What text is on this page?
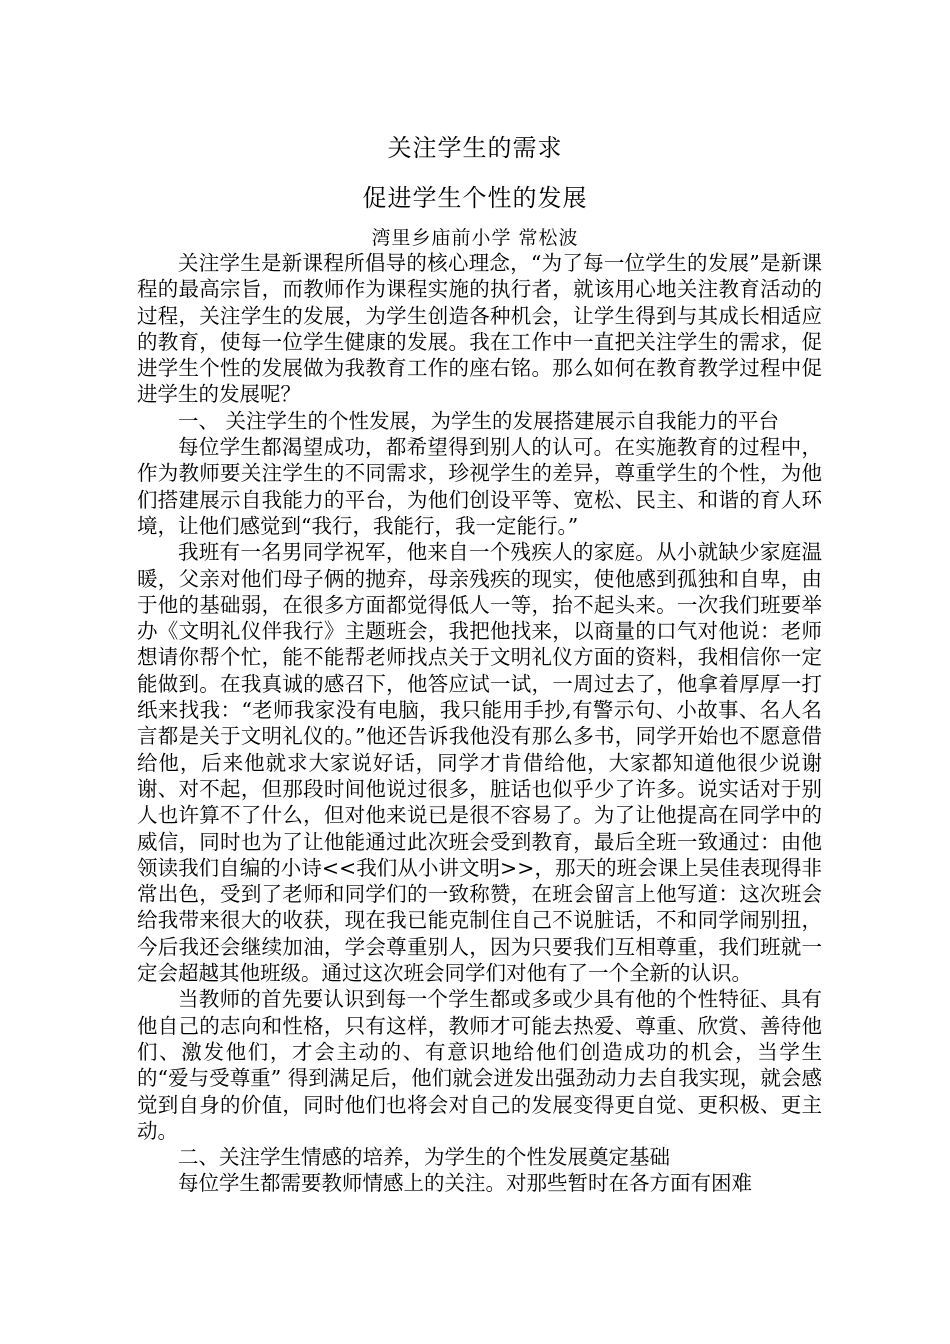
关注学生的需求
促进学生个性的发展
湾里乡庙前小学 常松波

关注学生是新课程所倡导的核心理念，“为了每一位学生的发展”是新课程的最高宗旨，而教师作为课程实施的执行者，就该用心地关注教育活动的过程，关注学生的发展，为学生创造各种机会，让学生得到与其成长相适应的教育，使每一位学生健康的发展。我在工作中一直把关注学生的需求，促进学生个性的发展做为我教育工作的座右铭。那么如何在教育教学过程中促进学生的发展呢？

一、 关注学生的个性发展，为学生的发展搭建展示自我能力的平台

每位学生都渴望成功，都希望得到别人的认可。在实施教育的过程中，作为教师要关注学生的不同需求，珍视学生的差异，尊重学生的个性，为他们搭建展示自我能力的平台，为他们创设平等、宽松、民主、和谐的育人环境，让他们感觉到“我行，我能行，我一定能行。”

我班有一名男同学祝军，他来自一个残疾人的家庭。从小就缺少家庭温暖，父亲对他们母子俩的抛弃，母亲残疾的现实，使他感到孤独和自卑，由于他的基础弱，在很多方面都觉得低人一等，抬不起头来。一次我们班要举办《文明礼仪伴我行》主题班会，我把他找来，以商量的口气对他说：老师想请你帮个忙，能不能帮老师找点关于文明礼仪方面的资料，我相信你一定能做到。在我真诚的感召下，他答应试一试，一周过去了，他拿着厚厚一打纸来找我：“老师我家没有电脑，我只能用手抄,有警示句、小故事、名人名言都是关于文明礼仪的。”他还告诉我他没有那么多书，同学开始也不愿意借给他，后来他就求大家说好话，同学才肯借给他，大家都知道他很少说谢谢、对不起，但那段时间他说过很多，脏话也似乎少了许多。说实话对于别人也许算不了什么，但对他来说已是很不容易了。为了让他提高在同学中的威信，同时也为了让他能通过此次班会受到教育，最后全班一致通过：由他领读我们自编的小诗<<我们从小讲文明>>，那天的班会课上吴佳表现得非常出色，受到了老师和同学们的一致称赞，在班会留言上他写道：这次班会给我带来很大的收获，现在我已能克制住自己不说脏话，不和同学闹别扭，今后我还会继续加油，学会尊重别人，因为只要我们互相尊重，我们班就一定会超越其他班级。通过这次班会同学们对他有了一个全新的认识。

当教师的首先要认识到每一个学生都或多或少具有他的个性特征、具有他自己的志向和性格，只有这样，教师才可能去热爱、尊重、欣赏、善待他们、激发他们，才会主动的、有意识地给他们创造成功的机会，当学生的“爱与受尊重” 得到满足后，他们就会迸发出强劲动力去自我实现，就会感觉到自身的价值，同时他们也将会对自己的发展变得更自觉、更积极、更主动。

二、关注学生情感的培养，为学生的个性发展奠定基础

每位学生都需要教师情感上的关注。对那些暂时在各方面有困难
